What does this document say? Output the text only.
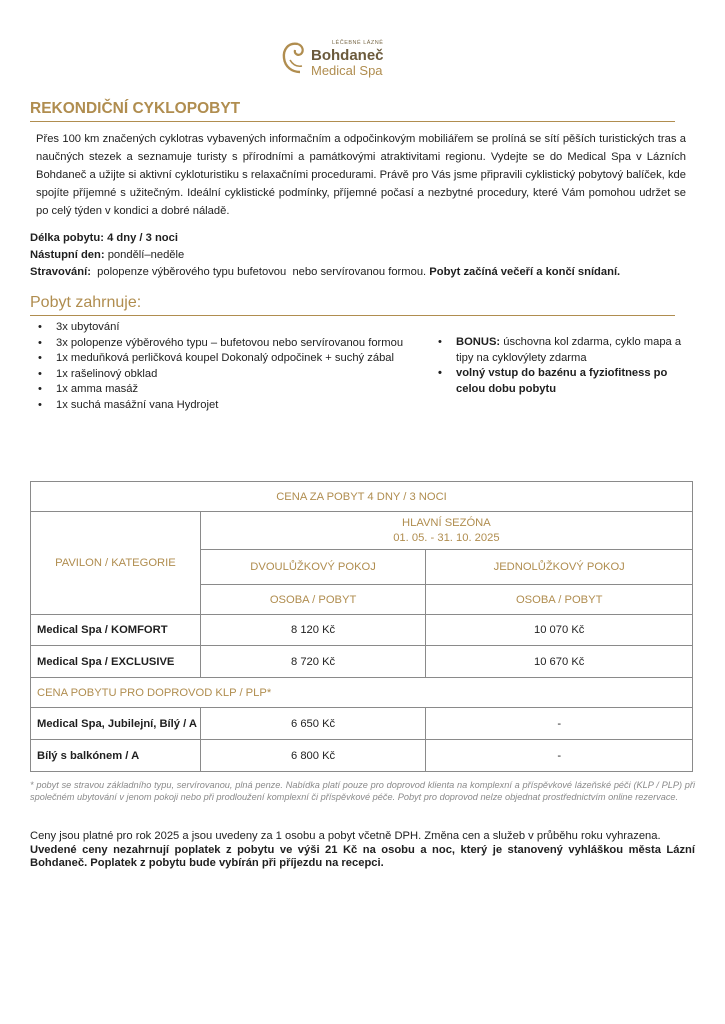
LÉČEBNÉ LÁZNĚ
Bohdaneč
Medical Spa
REKONDIČNÍ CYKLOPOBYT
Přes 100 km značených cyklotras vybavených informačním a odpočinkovým mobiliářem se prolíná se sítí pěších turistických tras a naučných stezek a seznamuje turisty s přírodními a památkovými atraktivitami regionu. Vydejte se do Medical Spa v Lázních Bohdaneč a užijte si aktivní cykloturistiku s relaxačními procedurami. Právě pro Vás jsme připravili cyklistický pobytový balíček, kde spojíte příjemné s užitečným. Ideální cyklistické podmínky, příjemné počasí a nezbytné procedury, které Vám pomohou udržet se po celý týden v kondici a dobré náladě.
Délka pobytu: 4 dny / 3 noci
Nástupní den: pondělí–neděle
Stravování:  polopenze výběrového typu bufetovou  nebo servírovanou formou. Pobyt začíná večeří a končí snídaní.
Pobyt zahrnuje:
• 3x ubytování
• 3x polopenze výběrového typu – bufetovou nebo servírovanou formou
• 1x meduňková perličková koupel Dokonalý odpočinek + suchý zábal
• 1x rašelinový obklad
• 1x amma masáž
• 1x suchá masážní vana Hydrojet
• BONUS: úschovna kol zdarma, cyklo mapa a tipy na cyklovýlety zdarma
• volný vstup do bazénu a fyziofitness po celou dobu pobytu
CENA ZA POBYT 4 DNY / 3 NOCI		
PAVILON / KATEGORIE	HLAVNÍ SEZÓNA
01. 05. - 31. 10. 2025	

	DVOULŮŽKOVÝ POKOJ	JEDNOLŮŽKOVÝ POKOJ
	OSOBA / POBYT	OSOBA / POBYT
Medical Spa / KOMFORT	8 120 Kč	10 070 Kč
Medical Spa / EXCLUSIVE	8 720 Kč	10 670 Kč
CENA POBYTU PRO DOPROVOD KLP / PLP*		
Medical Spa, Jubilejní, Bílý / A	6 650 Kč	-
Bílý s balkónem / A	6 800 Kč	-
* pobyt se stravou základního typu, servírovanou, plná penze. Nabídka platí pouze pro doprovod klienta na komplexní a příspěvkové lázeňské péči (KLP / PLP) při společném ubytování v jenom pokoji nebo při prodloužení komplexní či příspěvkové péče. Pobyt pro doprovod nelze objednat prostřednictvím online rezervace.
Ceny jsou platné pro rok 2025 a jsou uvedeny za 1 osobu a pobyt včetně DPH. Změna cen a služeb v průběhu roku vyhrazena.
Uvedené ceny nezahrnují poplatek z pobytu ve výši 21 Kč na osobu a noc, který je stanovený vyhláškou města Lázní Bohdaneč. Poplatek z pobytu bude vybírán při příjezdu na recepci.
